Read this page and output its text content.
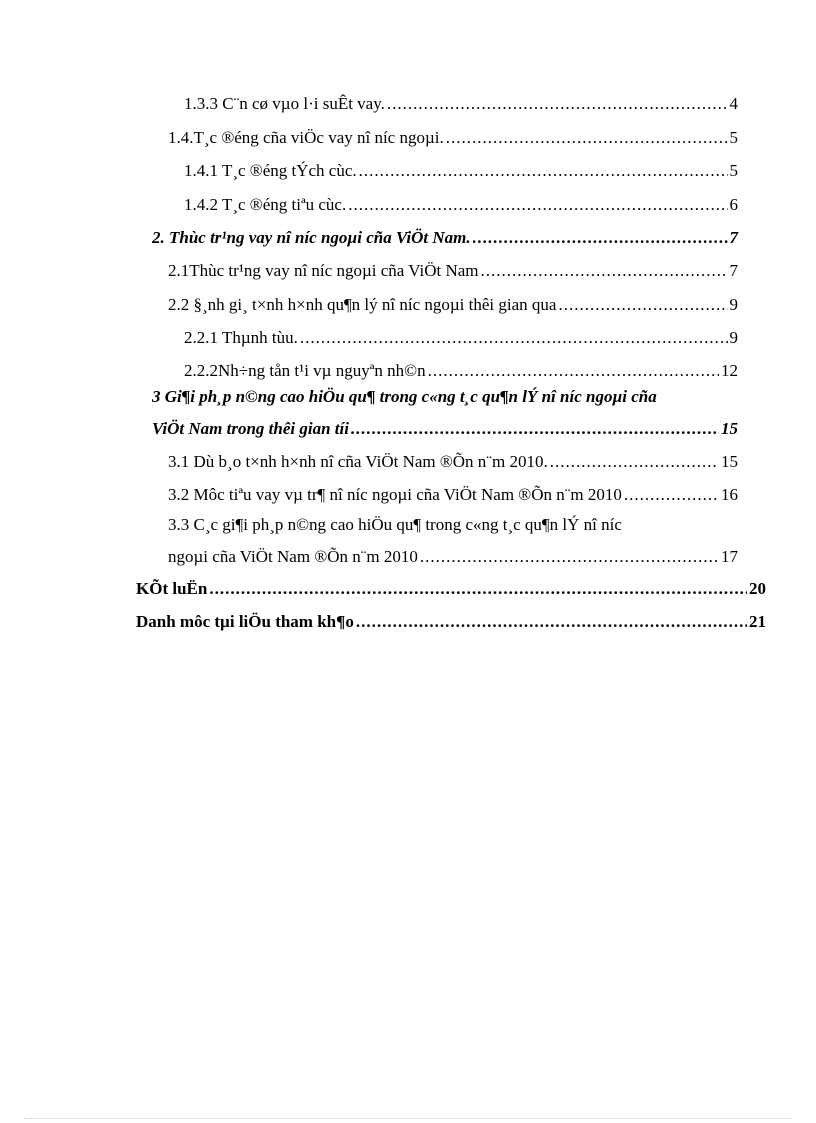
1.3.3 C¨n cø vµo l·i suÊt vay. .....	4
1.4.T¸c ®éng cña viÖc vay nî níc ngoµi. .....	5
1.4.1 T¸c ®éng tÝch cùc. .....	5
1.4.2 T¸c ®éng tiªu cùc. .....	6
2. Thùc tr¹ng vay nî níc ngoµi cña ViÖt Nam. .....	7
2.1Thùc tr¹ng vay nî níc ngoµi cña ViÖt Nam .....	7
2.2 §¸nh gi¸ t×nh h×nh qu¶n lý nî níc ngoµi thêi gian qua .....	9
2.2.1 Thµnh tùu. .....	9
2.2.2Nh÷ng tån t¹i vµ nguyªn nh©n .....	12
3 Gi¶i ph¸p n©ng cao hiÖu qu¶ trong c«ng t¸c qu¶n lÝ nî níc ngoµi cña
ViÖt Nam trong thêi gian tíi .....	15
3.1 Dù b¸o t×nh h×nh nî cña ViÖt Nam ®Õn n¨m 2010. .....	15
3.2 Môc tiªu vay vµ tr¶ nî níc ngoµi cña ViÖt Nam ®Õn n¨m 2010 .....	16
3.3 C¸c gi¶i ph¸p n©ng cao hiÖu qu¶ trong c«ng t¸c qu¶n lÝ nî níc
ngoµi cña ViÖt Nam ®Õn n¨m 2010 .....	17
KÕt luËn .....	20
Danh môc tµi liÖu tham kh¶o .....	21
